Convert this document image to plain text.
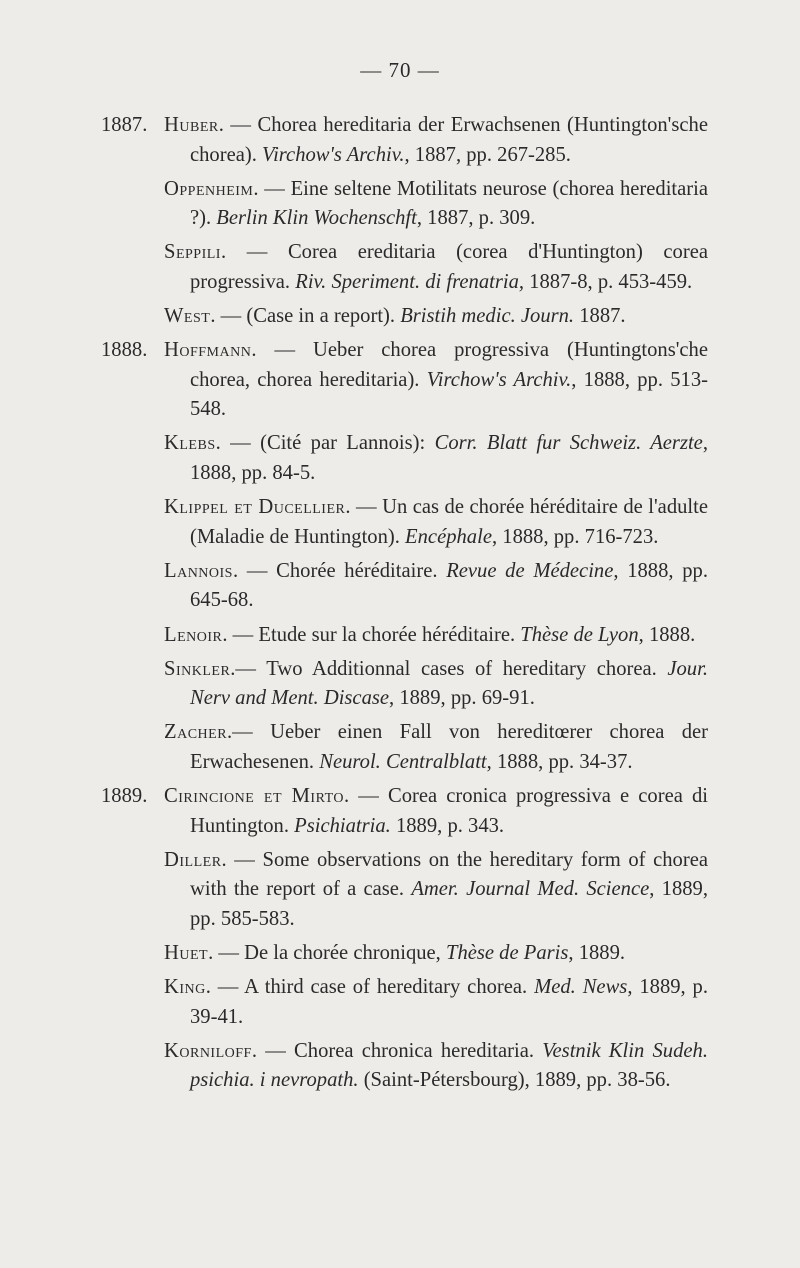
— 70 —
1887. Huber. — Chorea hereditaria der Erwachsenen (Huntington'sche chorea). Virchow's Archiv., 1887, pp. 267-285.
Oppenheim. — Eine seltene Motilitats neurose (chorea hereditaria ?). Berlin Klin Wochenschft, 1887, p. 309.
Seppili. — Corea ereditaria (corea d'Huntington) corea progressiva. Riv. Speriment. di frenatria, 1887-8, p. 453-459.
West. — (Case in a report). Bristih medic. Journ. 1887.
1888. Hoffmann. — Ueber chorea progressiva (Huntingtons'che chorea, chorea hereditaria). Virchow's Archiv., 1888, pp. 513-548.
Klebs. — (Cité par Lannois): Corr. Blatt fur Schweiz. Aerzte, 1888, pp. 84-5.
Klippel et Ducellier. — Un cas de chorée héréditaire de l'adulte (Maladie de Huntington). Encéphale, 1888, pp. 716-723.
Lannois. — Chorée héréditaire. Revue de Médecine, 1888, pp. 645-68.
Lenoir. — Etude sur la chorée héréditaire. Thèse de Lyon, 1888.
Sinkler.— Two Additionnal cases of hereditary chorea. Jour. Nerv and Ment. Discase, 1889, pp. 69-91.
Zacher.— Ueber einen Fall von hereditœrer chorea der Erwachesenen. Neurol. Centralblatt, 1888, pp. 34-37.
1889. Cirincione et Mirto. — Corea cronica progressiva e corea di Huntington. Psichiatria. 1889, p. 343.
Diller. — Some observations on the hereditary form of chorea with the report of a case. Amer. Journal Med. Science, 1889, pp. 585-583.
Huet. — De la chorée chronique, Thèse de Paris, 1889.
King. — A third case of hereditary chorea. Med. News, 1889, p. 39-41.
Korniloff. — Chorea chronica hereditaria. Vestnik Klin Sudeh. psichia. i nevropath. (Saint-Pétersbourg), 1889, pp. 38-56.
